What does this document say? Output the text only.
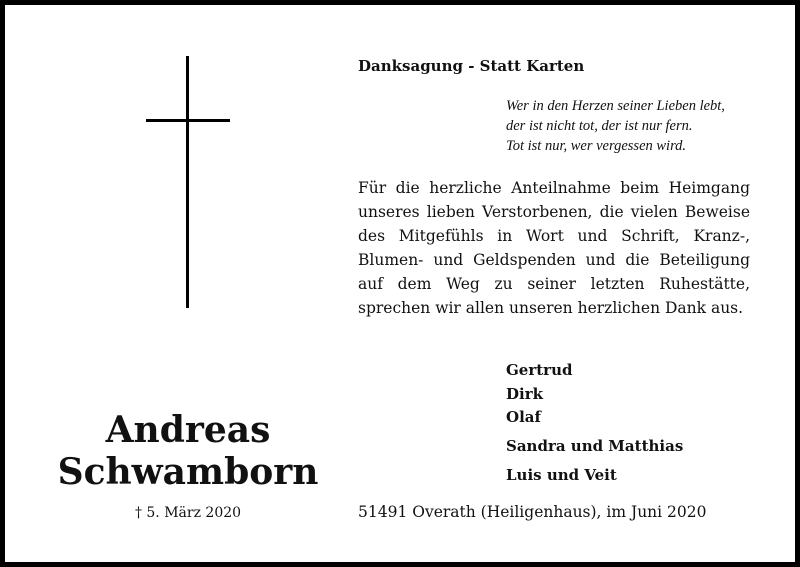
Danksagung - Statt Karten
Wer in den Herzen seiner Lieben lebt,
der ist nicht tot, der ist nur fern.
Tot ist nur, wer vergessen wird.
Für die herzliche Anteilnahme beim Heimgang
unseres lieben Verstorbenen, die vielen Beweise
des Mitgefühls in Wort und Schrift, Kranz-,
Blumen- und Geldspenden und die Beteiligung
auf dem Weg zu seiner letzten Ruhestätte,
sprechen wir allen unseren herzlichen Dank aus.
Gertrud
Dirk
Olaf
Sandra und Matthias
Luis und Veit
Andreas
Schwamborn
† 5. März 2020	51491 Overath (Heiligenhaus), im Juni 2020
